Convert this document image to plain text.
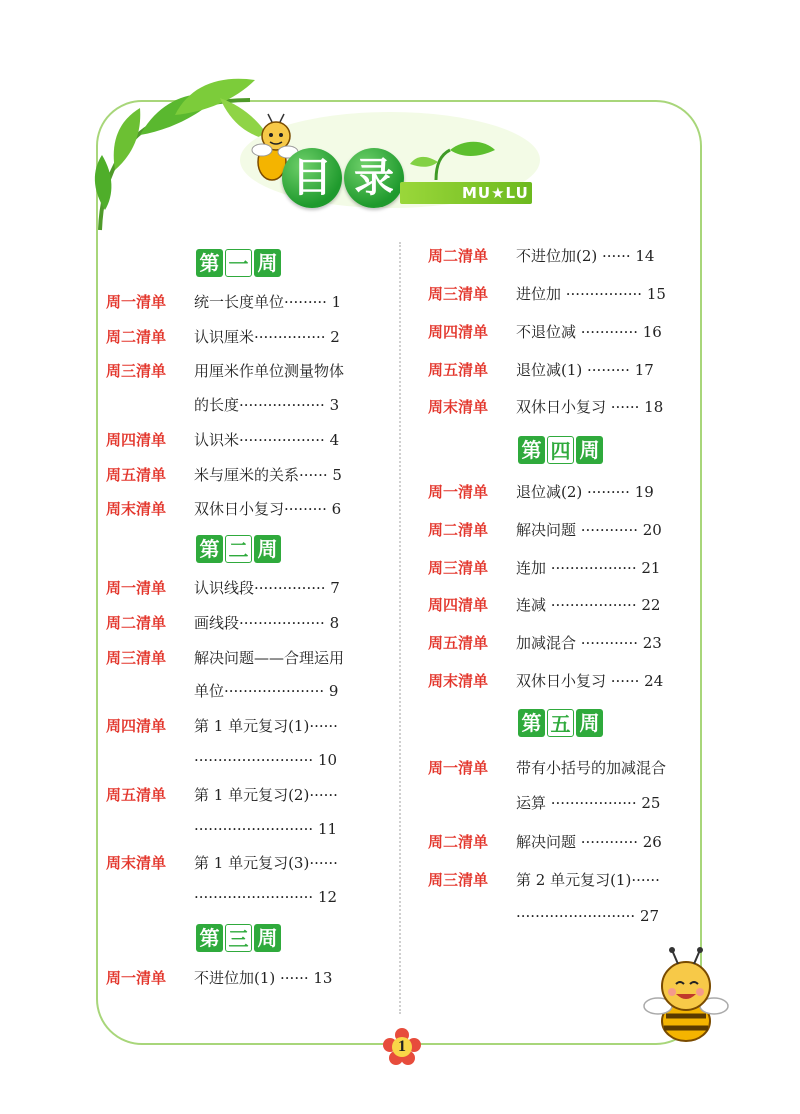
目 录	MU★LU
第 一 周
第 二 周
第 三 周
第 四 周
第 五 周
周一清单 统一长度单位········· 1
周二清单 认识厘米··············· 2
周三清单 用厘米作单位测量物体
的长度·················· 3
周四清单 认识米·················· 4
周五清单 米与厘米的关系······ 5
周末清单 双休日小复习········· 6
周一清单 认识线段··············· 7
周二清单 画线段·················· 8
周三清单 解决问题——合理运用
单位····················· 9
周四清单 第 1 单元复习(1)······
························· 10
周五清单 第 1 单元复习(2)······
························· 11
周末清单 第 1 单元复习(3)······
························· 12
周一清单 不进位加(1) ······ 13
周二清单 不进位加(2) ······ 14
周三清单 进位加 ················ 15
周四清单 不退位减 ············ 16
周五清单 退位减(1) ········· 17
周末清单 双休日小复习 ······ 18
周一清单 退位减(2) ········· 19
周二清单 解决问题 ············ 20
周三清单 连加 ·················· 21
周四清单 连减 ·················· 22
周五清单 加减混合 ············ 23
周末清单 双休日小复习 ······ 24
周一清单 带有小括号的加减混合
运算 ·················· 25
周二清单 解决问题 ············ 26
周三清单 第 2 单元复习(1)······
························· 27
1
